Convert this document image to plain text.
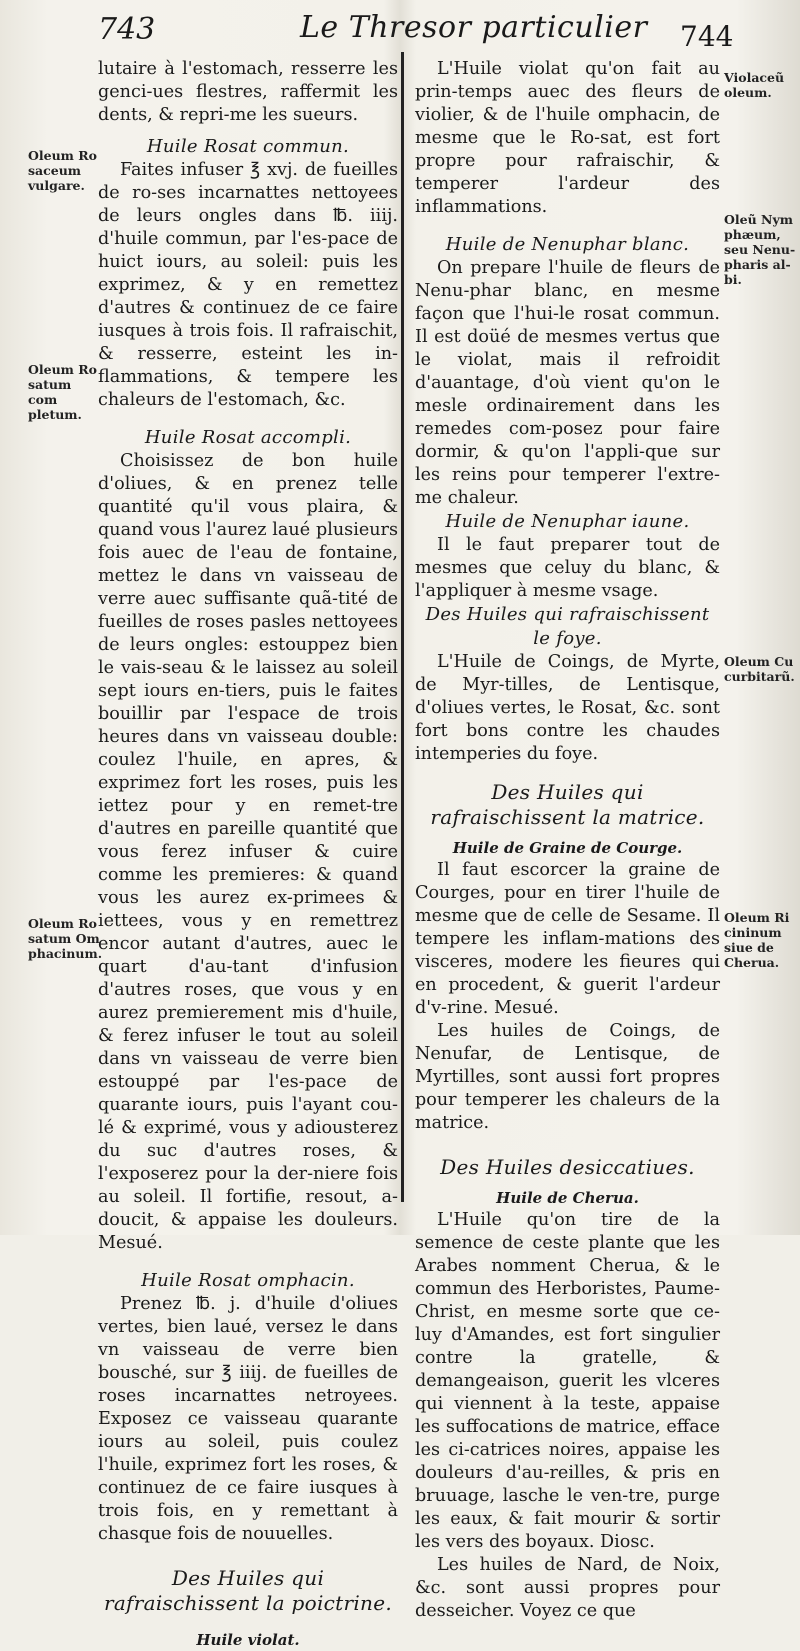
743	Le Thresor particulier 744

lutaire à l'estomach, resserre les genci-ues flestres, raffermit les dents, & repri-me les sueurs.

Huile Rosat commun.

Faites infuser ℥ xvj. de fueilles de ro-ses incarnattes nettoyees de leurs ongles dans ℔. iiij. d'huile commun, par l'es-pace de huict iours, au soleil: puis les exprimez, & y en remettez d'autres & continuez de ce faire iusques à trois fois. Il rafraischit, & resserre, esteint les in-flammations, & tempere les chaleurs de l'estomach, &c.

Huile Rosat accompli.

Choisissez de bon huile d'oliues, & en prenez telle quantité qu'il vous plaira, & quand vous l'aurez laué plusieurs fois auec de l'eau de fontaine, mettez le dans vn vaisseau de verre auec suffisante quã-tité de fueilles de roses pasles nettoyees de leurs ongles: estouppez bien le vais-seau & le laissez au soleil sept iours en-tiers, puis le faites bouillir par l'espace de trois heures dans vn vaisseau double: coulez l'huile, en apres, & exprimez fort les roses, puis les iettez pour y en remet-tre d'autres en pareille quantité que vous ferez infuser & cuire comme les premieres: & quand vous les aurez ex-primees & iettees, vous y en remettrez encor autant d'autres, auec le quart d'au-tant d'infusion d'autres roses, que vous y en aurez premierement mis d'huile, & ferez infuser le tout au soleil dans vn vaisseau de verre bien estouppé par l'es-pace de quarante iours, puis l'ayant cou-lé & exprimé, vous y adiousterez du suc d'autres roses, & l'exposerez pour la der-niere fois au soleil. Il fortifie, resout, a-doucit, & appaise les douleurs. Mesué.

Huile Rosat omphacin.

Prenez ℔. j. d'huile d'oliues vertes, bien laué, versez le dans vn vaisseau de verre bien bousché, sur ℥ iiij. de fueilles de roses incarnattes netroyees. Exposez ce vaisseau quarante iours au soleil, puis coulez l'huile, exprimez fort les roses, & continuez de ce faire iusques à trois fois, en y remettant à chasque fois de nouuelles.

Des Huiles qui rafraischissent la poictrine.
Huile violat.

L'Huile violat qu'on fait au prin-temps auec des fleurs de violier, & de l'huile omphacin, de mesme que le Ro-sat, est fort propre pour rafraischir, & temperer l'ardeur des inflammations.

Huile de Nenuphar blanc.

On prepare l'huile de fleurs de Nenu-phar blanc, en mesme façon que l'hui-le rosat commun. Il est doüé de mesmes vertus que le violat, mais il refroidit d'auantage, d'où vient qu'on le mesle ordinairement dans les remedes com-posez pour faire dormir, & qu'on l'appli-que sur les reins pour temperer l'extre-me chaleur.

Huile de Nenuphar iaune.

Il le faut preparer tout de mesmes que celuy du blanc, & l'appliquer à mesme vsage.

Des Huiles qui rafraischissent le foye.

L'Huile de Coings, de Myrte, de Myr-tilles, de Lentisque, d'oliues vertes, le Rosat, &c. sont fort bons contre les chaudes intemperies du foye.

Des Huiles qui rafraischissent la matrice.
Huile de Graine de Courge.

Il faut escorcer la graine de Courges, pour en tirer l'huile de mesme que de celle de Sesame. Il tempere les inflam-mations des visceres, modere les fieures qui en procedent, & guerit l'ardeur d'v-rine. Mesué.

Les huiles de Coings, de Nenufar, de Lentisque, de Myrtilles, sont aussi fort propres pour temperer les chaleurs de la matrice.

Des Huiles desiccatiues.
Huile de Cherua.

L'Huile qu'on tire de la semence de ceste plante que les Arabes nomment Cherua, & le commun des Herboristes, Paume-Christ, en mesme sorte que ce-luy d'Amandes, est fort singulier contre la gratelle, & demangeaison, guerit les vlceres qui viennent à la teste, appaise les suffocations de matrice, efface les ci-catrices noires, appaise les douleurs d'au-reilles, & pris en bruuage, lasche le ven-tre, purge les eaux, & fait mourir & sortir les vers des boyaux. Diosc.

Les huiles de Nard, de Noix, &c. sont aussi propres pour desseicher. Voyez ce que

Oleum Ro
saceum
vulgare.
Oleum Ro
satum com
pletum.
Oleum Ro
satum Om
phacinum.
Violaceũ
oleum.
Oleũ Nym
phæum,
seu Nenu-
pharis al-
bi.
Oleum Cu
curbitarũ.
Oleum Ri
cininum
siue de
Cherua.
